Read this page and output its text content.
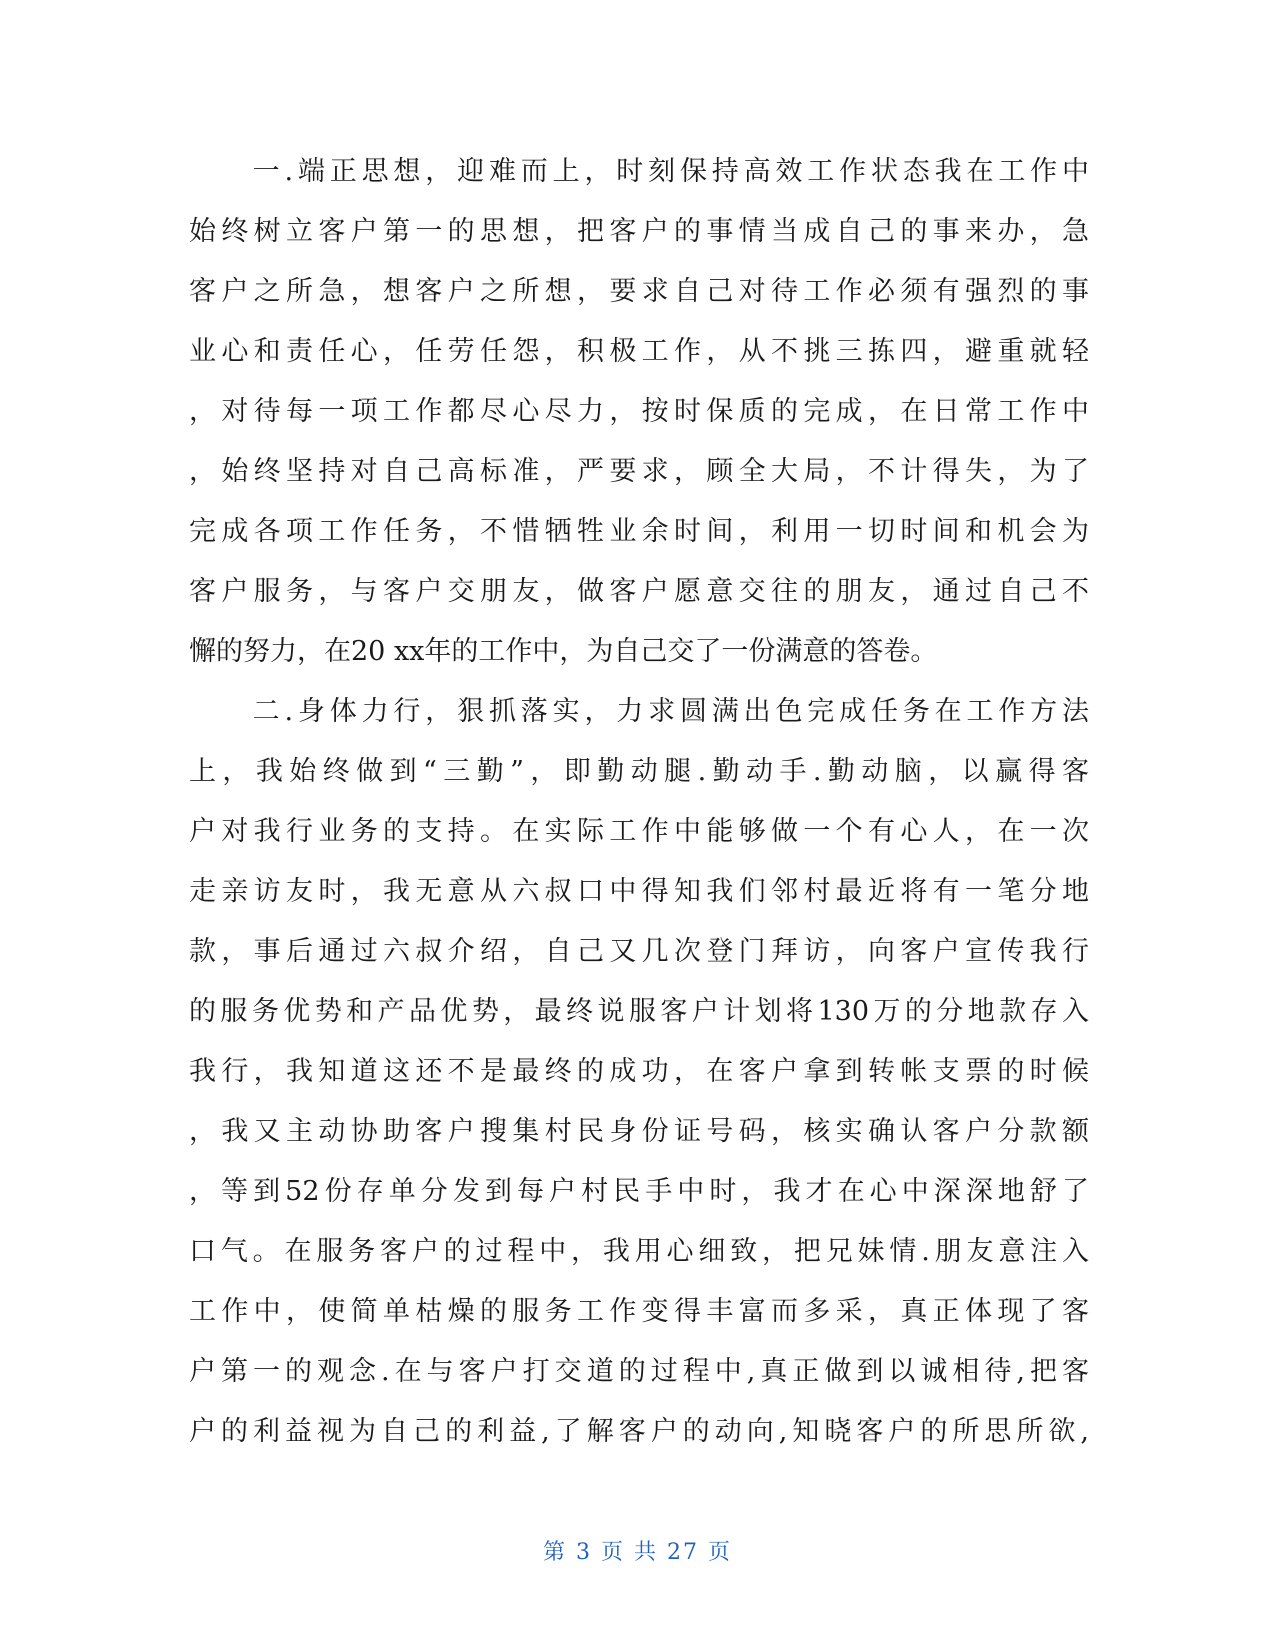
　　一.端正思想，迎难而上，时刻保持高效工作状态我在工作中
始终树立客户第一的思想，把客户的事情当成自己的事来办，急
客户之所急，想客户之所想，要求自己对待工作必须有强烈的事
业心和责任心，任劳任怨，积极工作，从不挑三拣四，避重就轻
，对待每一项工作都尽心尽力，按时保质的完成，在日常工作中
，始终坚持对自己高标准，严要求，顾全大局，不计得失，为了
完成各项工作任务，不惜牺牲业余时间，利用一切时间和机会为
客户服务，与客户交朋友，做客户愿意交往的朋友，通过自己不
懈的努力，在20 xx年的工作中，为自己交了一份满意的答卷。
　　二.身体力行，狠抓落实，力求圆满出色完成任务在工作方法
上，我始终做到“三勤”，即勤动腿.勤动手.勤动脑，以赢得客
户对我行业务的支持。在实际工作中能够做一个有心人，在一次
走亲访友时，我无意从六叔口中得知我们邻村最近将有一笔分地
款，事后通过六叔介绍，自己又几次登门拜访，向客户宣传我行
的服务优势和产品优势，最终说服客户计划将130万的分地款存入
我行，我知道这还不是最终的成功，在客户拿到转帐支票的时候
，我又主动协助客户搜集村民身份证号码，核实确认客户分款额
，等到52份存单分发到每户村民手中时，我才在心中深深地舒了
口气。在服务客户的过程中，我用心细致，把兄妹情.朋友意注入
工作中，使简单枯燥的服务工作变得丰富而多采，真正体现了客
户第一的观念.在与客户打交道的过程中,真正做到以诚相待,把客
户的利益视为自己的利益,了解客户的动向,知晓客户的所思所欲,
第 3 页 共 27 页
